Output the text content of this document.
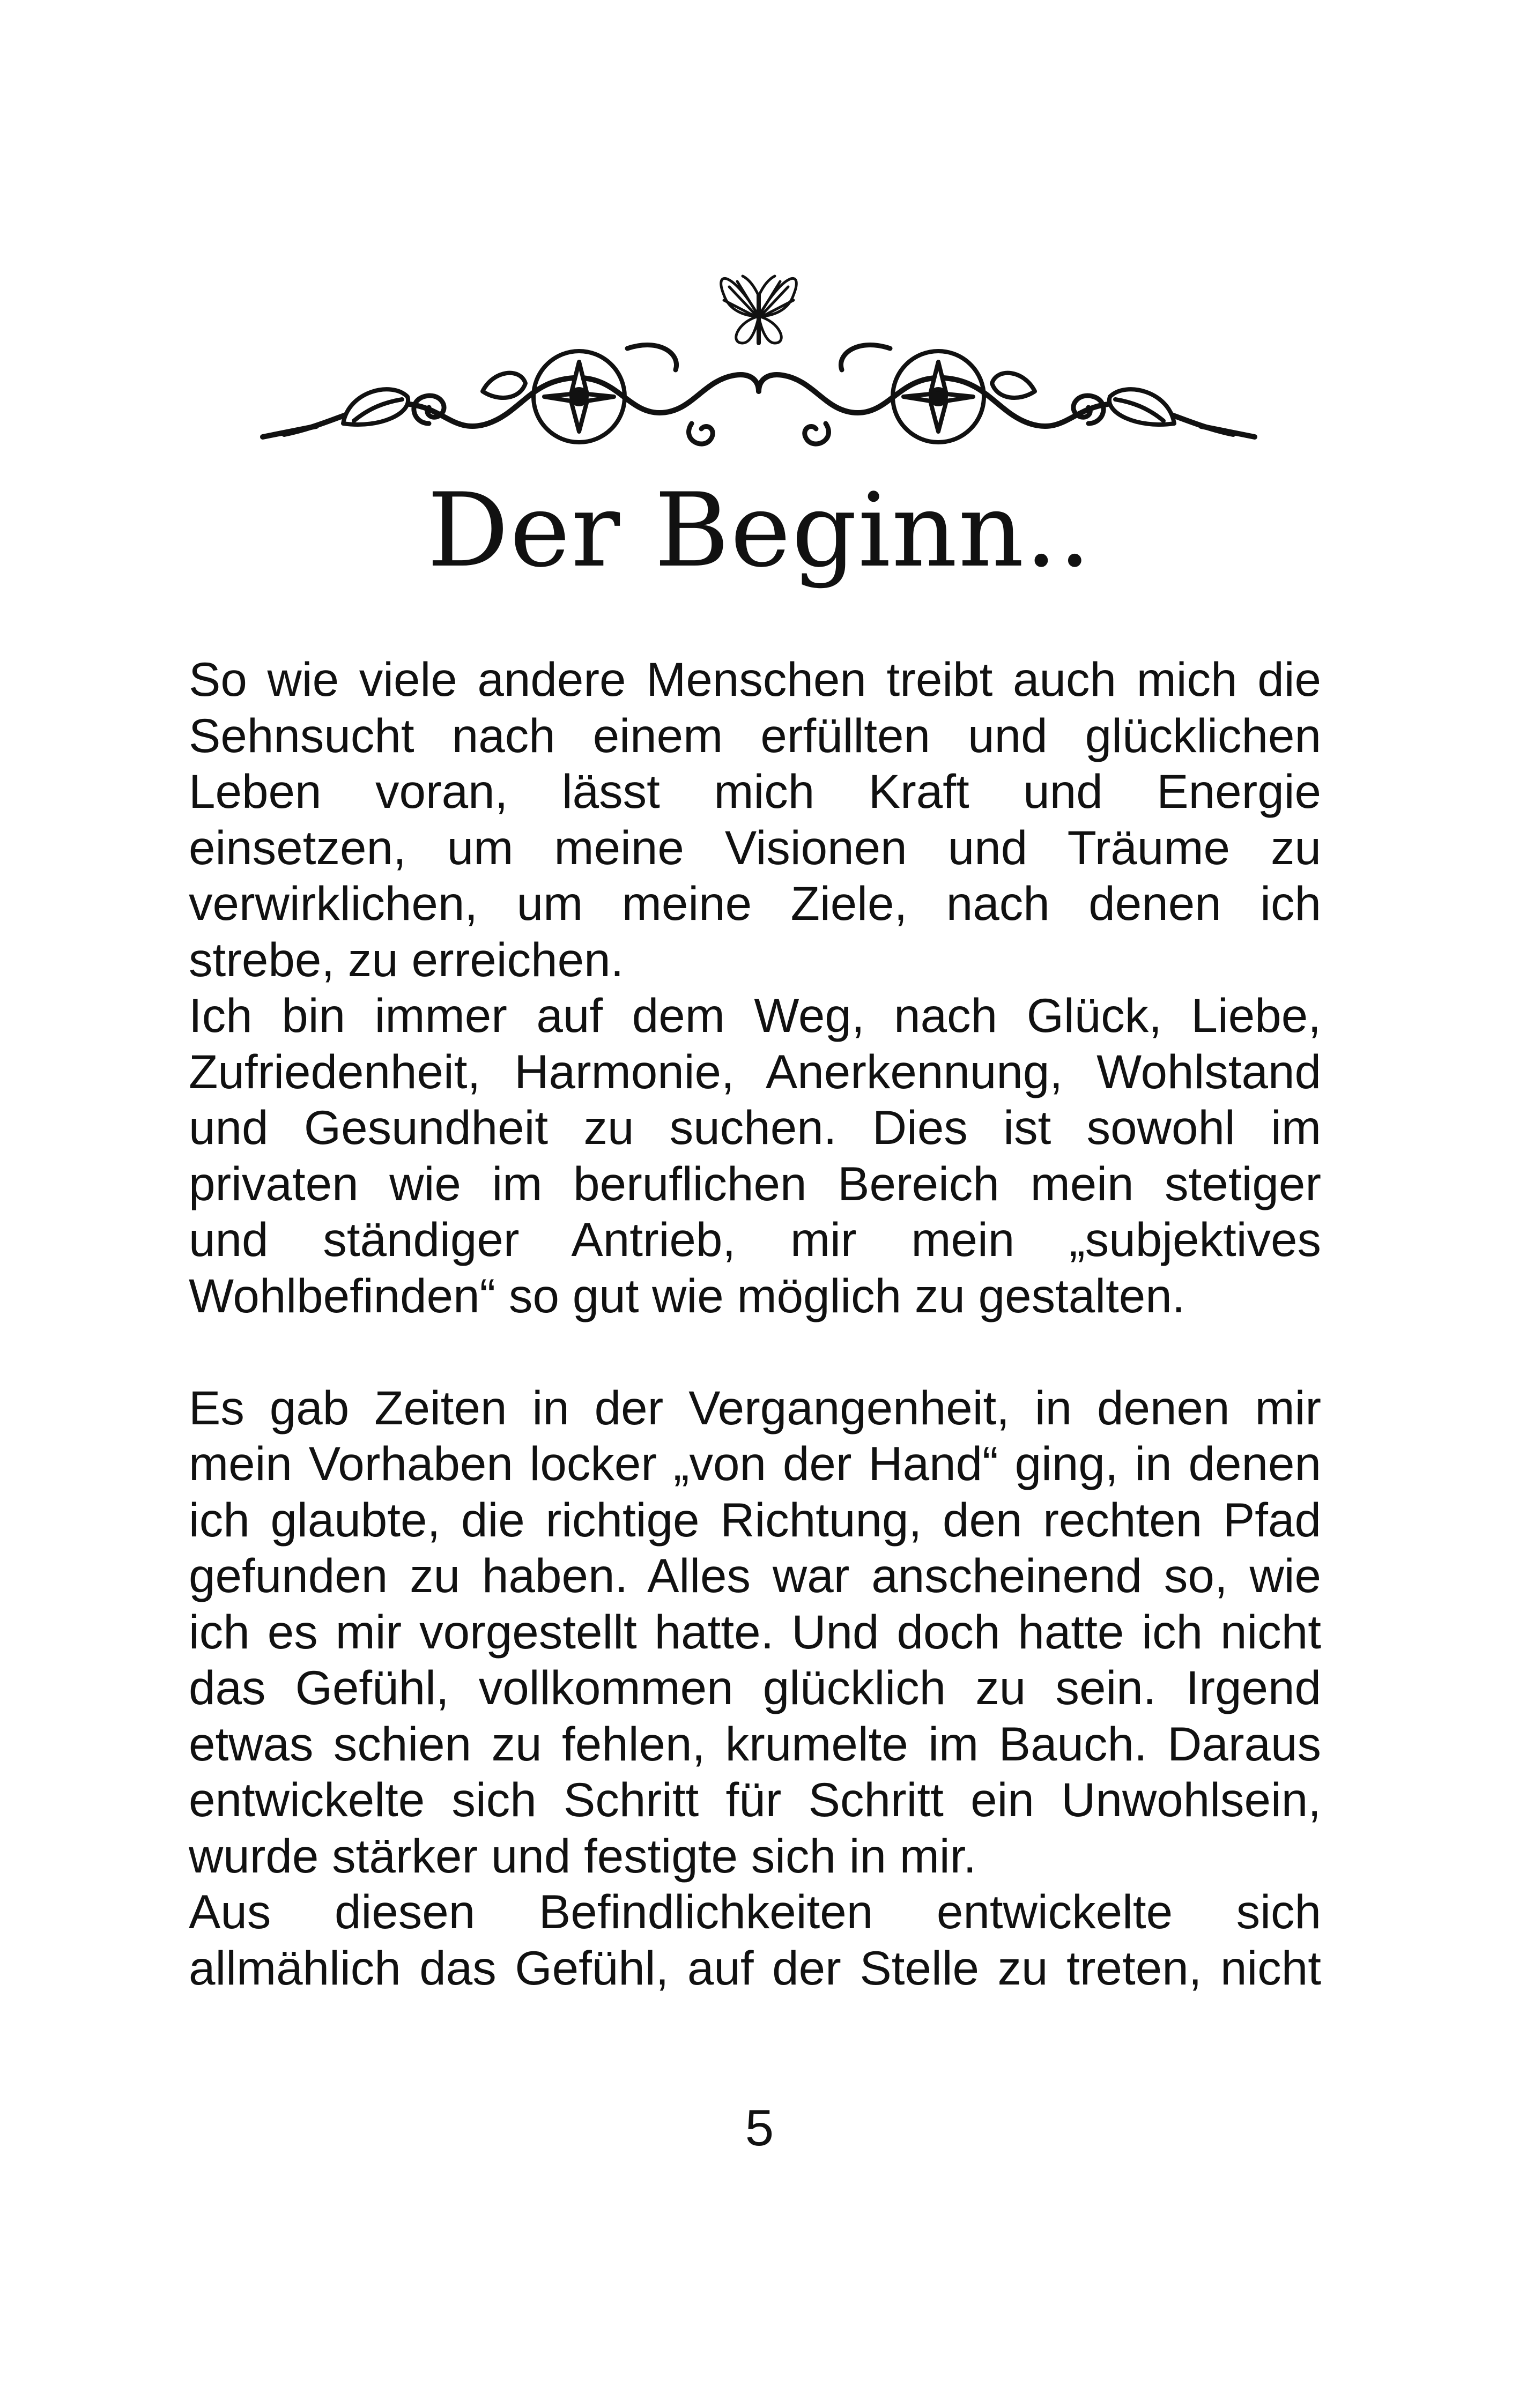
Der Beginn..

So wie viele andere Menschen treibt auch mich die

Sehnsucht nach einem erfüllten und glücklichen

Leben voran, lässt mich Kraft und Energie

einsetzen, um meine Visionen und Träume zu

verwirklichen, um meine Ziele, nach denen ich

strebe, zu erreichen.

Ich bin immer auf dem Weg, nach Glück, Liebe,

Zufriedenheit, Harmonie, Anerkennung, Wohlstand

und Gesundheit zu suchen. Dies ist sowohl im

privaten wie im beruflichen Bereich mein stetiger

und ständiger Antrieb, mir mein „subjektives

Wohlbefinden“ so gut wie möglich zu gestalten.

Es gab Zeiten in der Vergangenheit, in denen mir

mein Vorhaben locker „von der Hand“ ging, in denen

ich glaubte, die richtige Richtung, den rechten Pfad

gefunden zu haben. Alles war anscheinend so, wie

ich es mir vorgestellt hatte. Und doch hatte ich nicht

das Gefühl, vollkommen glücklich zu sein. Irgend

etwas schien zu fehlen, krumelte im Bauch. Daraus

entwickelte sich Schritt für Schritt ein Unwohlsein,

wurde stärker und festigte sich in mir.

Aus diesen Befindlichkeiten entwickelte sich

allmählich das Gefühl, auf der Stelle zu treten, nicht

5
